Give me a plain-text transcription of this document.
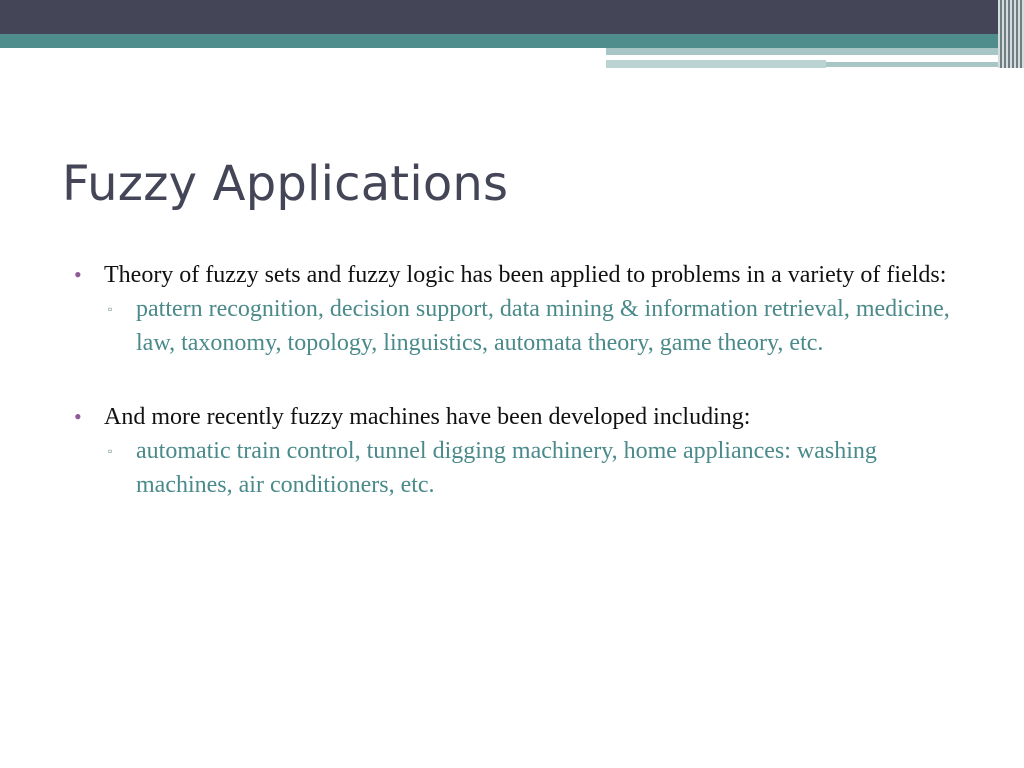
Fuzzy Applications
• Theory of fuzzy sets and fuzzy logic has been applied to problems in a variety of fields:
▫ pattern recognition, decision support, data mining & information retrieval, medicine, law, taxonomy, topology, linguistics, automata theory, game theory, etc.
• And more recently fuzzy machines have been developed including:
▫ automatic train control, tunnel digging machinery, home appliances: washing machines, air conditioners, etc.
